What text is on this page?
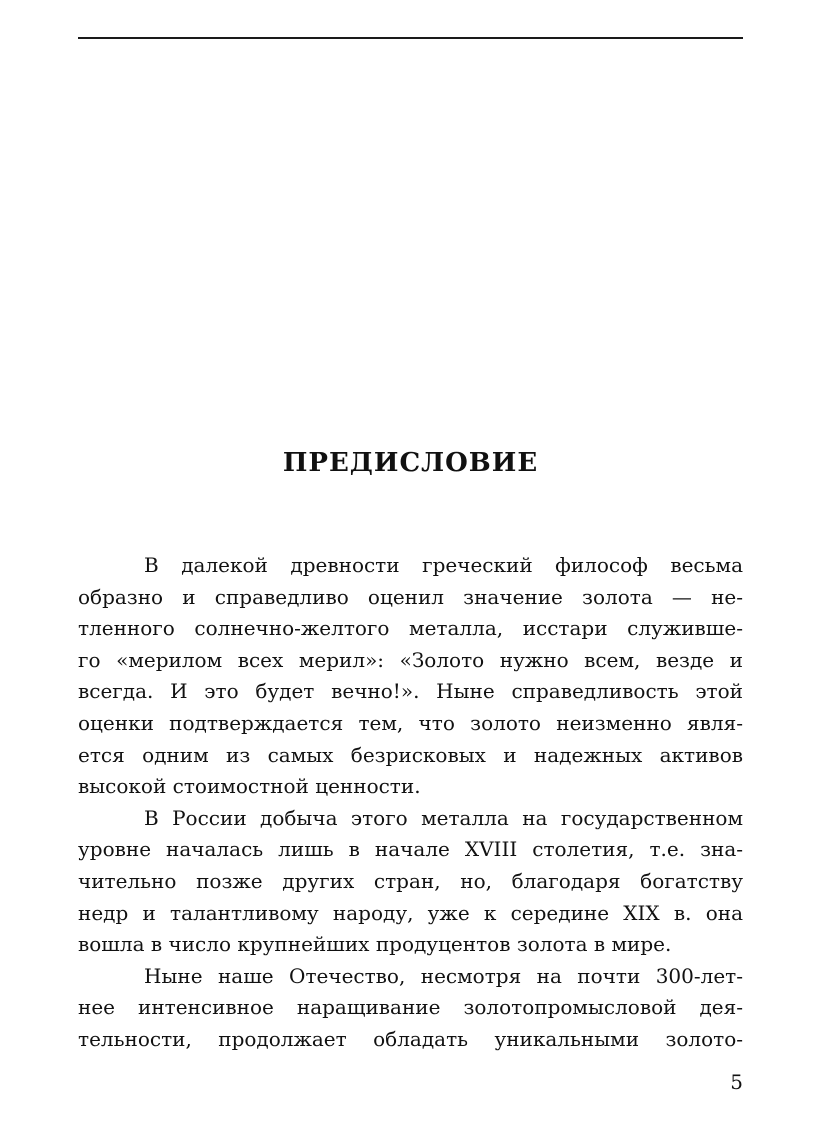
ПРЕДИСЛОВИЕ

В далекой древности греческий философ весьма
образно и справедливо оценил значение золота — не-
тленного солнечно-желтого металла, исстари служивше-
го «мерилом всех мерил»: «Золото нужно всем, везде и
всегда. И это будет вечно!». Ныне справедливость этой
оценки подтверждается тем, что золото неизменно явля-
ется одним из самых безрисковых и надежных активов
высокой стоимостной ценности.

В России добыча этого металла на государственном
уровне началась лишь в начале XVIII столетия, т.е. зна-
чительно позже других стран, но, благодаря богатству
недр и талантливому народу, уже к середине XIX в. она
вошла в число крупнейших продуцентов золота в мире.

Ныне наше Отечество, несмотря на почти 300-лет-
нее интенсивное наращивание золотопромысловой дея-
тельности, продолжает обладать уникальными золото-

5
